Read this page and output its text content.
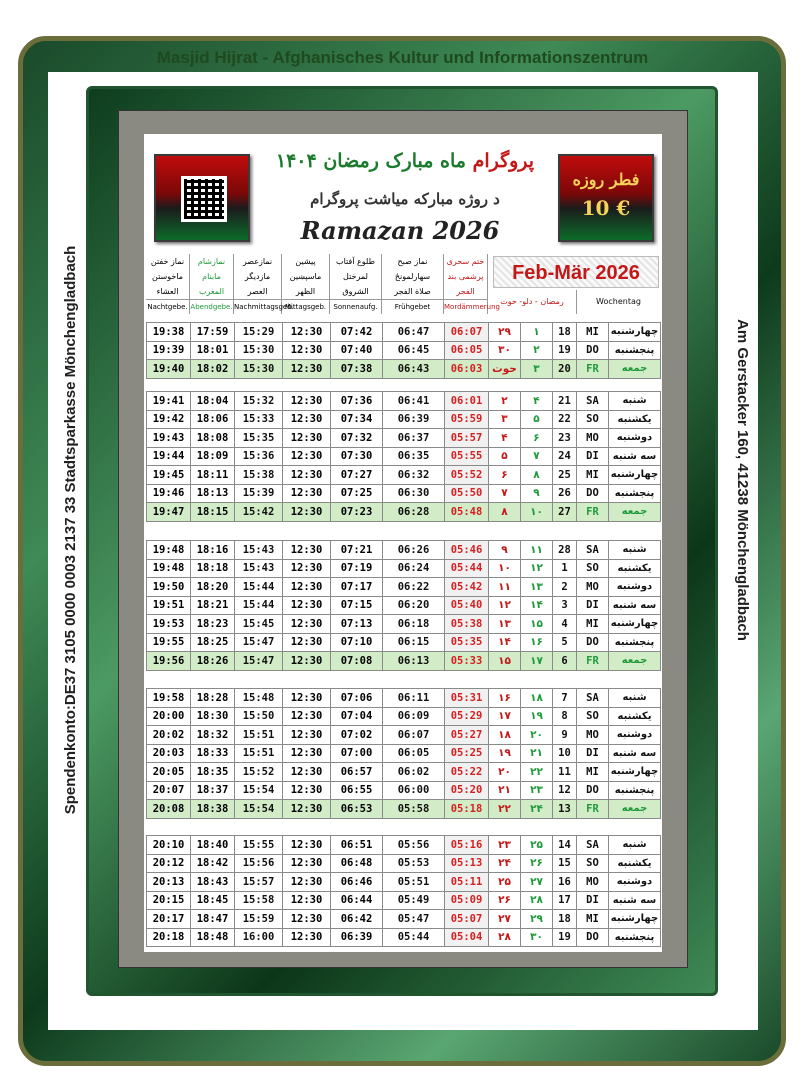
Masjid Hijrat - Afghanisches Kultur und Informationszentrum
Spendenkonto:DE37 3105 0000 0003 2137 33 Stadtsparkasse Mönchengladbach	Am Gerstacker 160, 41238 Mönchengladbach
فطر روزه
10 €
پروگرام ماه مبارک رمضان ۱۴۰۴
د روژه مبارکه میاشت پروگرام
Ramazan 2026
نماز خفتن
ماخوستن
العشاء
Nachtgebe.
نمازشام
مابنام
المغرب
Abendgebe.
نمازعصر
مازدیگر
العصر
Nachmittagsgeb.
پیشین
ماسپښین
الظهر
Mittagsgeb.
طلوع آفتاب
لمرختل
الشروق
Sonnenaufg.
نماز صبح
سهارلمونځ
صلاة الفجر
Frühgebet
ختم سحری
پرشمی بند
الفجر
Mordämmerung
Feb-Mär 2026
رمضان - دلو- حوت	Wochentag
19:38	17:59	15:29	12:30	07:42	06:47	06:07	۲۹	۱	18	MI	چهارشنبه
19:39	18:01	15:30	12:30	07:40	06:45	06:05	۳۰	۲	19	DO	پنجشنبه
19:40	18:02	15:30	12:30	07:38	06:43	06:03	حوت	۳	20	FR	جمعه
19:41	18:04	15:32	12:30	07:36	06:41	06:01	۲	۴	21	SA	شنبه
19:42	18:06	15:33	12:30	07:34	06:39	05:59	۳	۵	22	SO	یکشنبه
19:43	18:08	15:35	12:30	07:32	06:37	05:57	۴	۶	23	MO	دوشنبه
19:44	18:09	15:36	12:30	07:30	06:35	05:55	۵	۷	24	DI	سه شنبه
19:45	18:11	15:38	12:30	07:27	06:32	05:52	۶	۸	25	MI	چهارشنبه
19:46	18:13	15:39	12:30	07:25	06:30	05:50	۷	۹	26	DO	پنجشنبه
19:47	18:15	15:42	12:30	07:23	06:28	05:48	۸	۱۰	27	FR	جمعه
19:48	18:16	15:43	12:30	07:21	06:26	05:46	۹	۱۱	28	SA	شنبه
19:48	18:18	15:43	12:30	07:19	06:24	05:44	۱۰	۱۲	1	SO	یکشنبه
19:50	18:20	15:44	12:30	07:17	06:22	05:42	۱۱	۱۳	2	MO	دوشنبه
19:51	18:21	15:44	12:30	07:15	06:20	05:40	۱۲	۱۴	3	DI	سه شنبه
19:53	18:23	15:45	12:30	07:13	06:18	05:38	۱۳	۱۵	4	MI	چهارشنبه
19:55	18:25	15:47	12:30	07:10	06:15	05:35	۱۴	۱۶	5	DO	پنجشنبه
19:56	18:26	15:47	12:30	07:08	06:13	05:33	۱۵	۱۷	6	FR	جمعه
19:58	18:28	15:48	12:30	07:06	06:11	05:31	۱۶	۱۸	7	SA	شنبه
20:00	18:30	15:50	12:30	07:04	06:09	05:29	۱۷	۱۹	8	SO	یکشنبه
20:02	18:32	15:51	12:30	07:02	06:07	05:27	۱۸	۲۰	9	MO	دوشنبه
20:03	18:33	15:51	12:30	07:00	06:05	05:25	۱۹	۲۱	10	DI	سه شنبه
20:05	18:35	15:52	12:30	06:57	06:02	05:22	۲۰	۲۲	11	MI	چهارشنبه
20:07	18:37	15:54	12:30	06:55	06:00	05:20	۲۱	۲۳	12	DO	پنجشنبه
20:08	18:38	15:54	12:30	06:53	05:58	05:18	۲۲	۲۴	13	FR	جمعه
20:10	18:40	15:55	12:30	06:51	05:56	05:16	۲۳	۲۵	14	SA	شنبه
20:12	18:42	15:56	12:30	06:48	05:53	05:13	۲۴	۲۶	15	SO	یکشنبه
20:13	18:43	15:57	12:30	06:46	05:51	05:11	۲۵	۲۷	16	MO	دوشنبه
20:15	18:45	15:58	12:30	06:44	05:49	05:09	۲۶	۲۸	17	DI	سه شنبه
20:17	18:47	15:59	12:30	06:42	05:47	05:07	۲۷	۲۹	18	MI	چهارشنبه
20:18	18:48	16:00	12:30	06:39	05:44	05:04	۲۸	۳۰	19	DO	پنجشنبه
